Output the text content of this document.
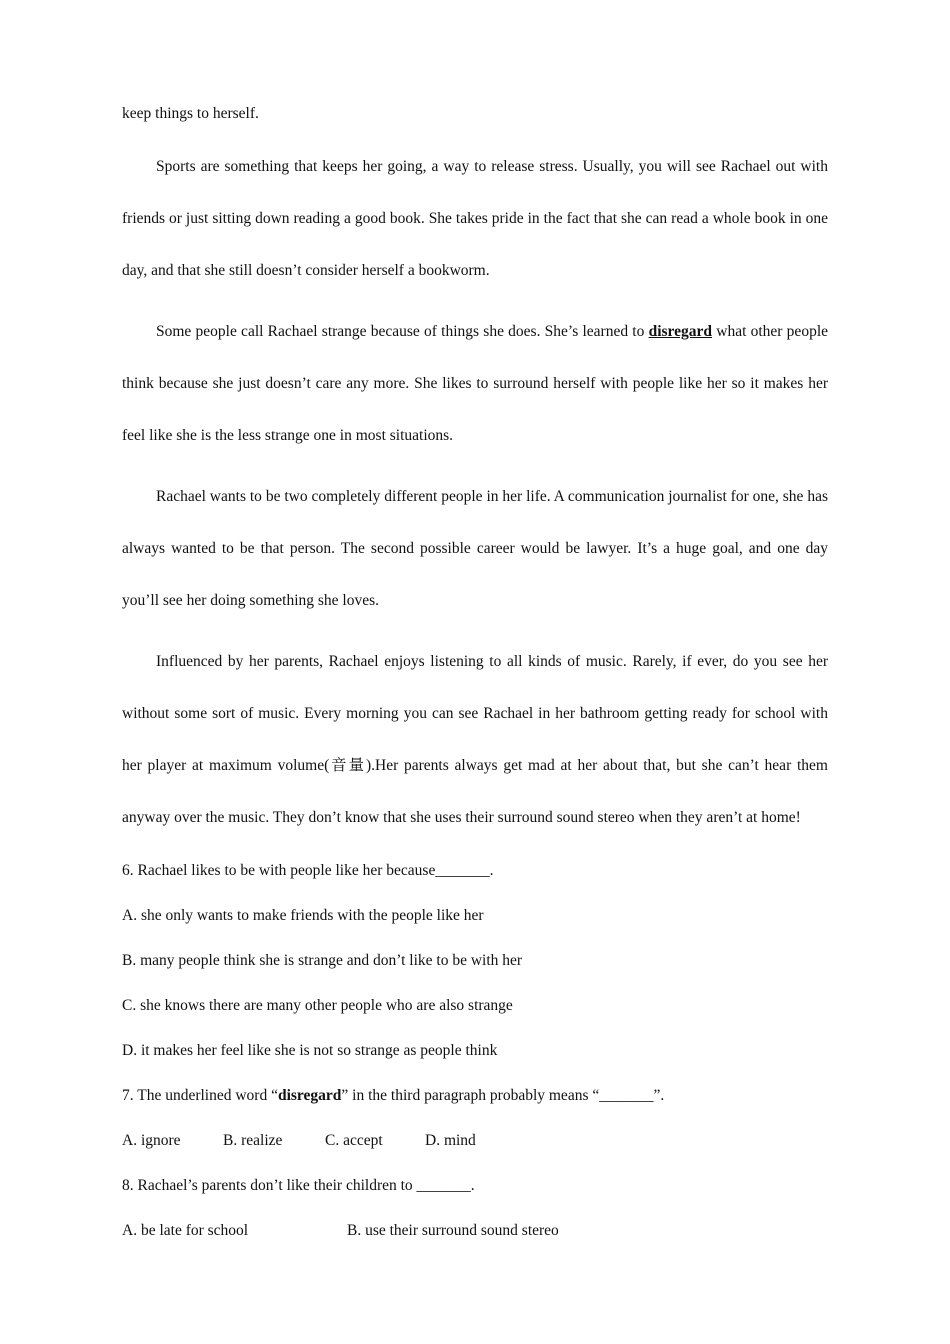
keep things to herself.

Sports are something that keeps her going, a way to release stress. Usually, you will see Rachael out with friends or just sitting down reading a good book. She takes pride in the fact that she can read a whole book in one day, and that she still doesn’t consider herself a bookworm.

Some people call Rachael strange because of things she does. She’s learned to disregard what other people think because she just doesn’t care any more. She likes to surround herself with people like her so it makes her feel like she is the less strange one in most situations.

Rachael wants to be two completely different people in her life. A communication journalist for one, she has always wanted to be that person. The second possible career would be lawyer. It’s a huge goal, and one day you’ll see her doing something she loves.

Influenced by her parents, Rachael enjoys listening to all kinds of music. Rarely, if ever, do you see her without some sort of music. Every morning you can see Rachael in her bathroom getting ready for school with her player at maximum volume(音量).Her parents always get mad at her about that, but she can’t hear them anyway over the music. They don’t know that she uses their surround sound stereo when they aren’t at home!

6. Rachael likes to be with people like her because_______.
A. she only wants to make friends with the people like her
B. many people think she is strange and don’t like to be with her
C. she knows there are many other people who are also strange
D. it makes her feel like she is not so strange as people think
7. The underlined word “disregard” in the third paragraph probably means “_______”.
A. ignore	B. realize	C. accept	D. mind
8. Rachael’s parents don’t like their children to _______.
A. be late for school	B. use their surround sound stereo
